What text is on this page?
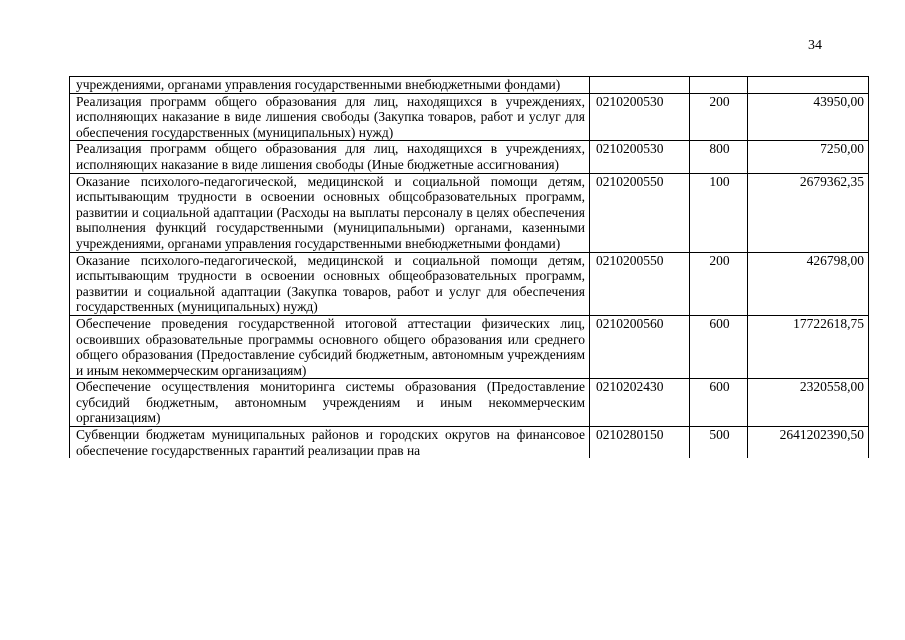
34
учреждениями, органами управления государственными внебюджетными фондами)			
Реализация программ общего образования для лиц, находящихся в учреждениях, исполняющих наказание в виде лишения свободы (Закупка товаров, работ и услуг для обеспечения государственных (муниципальных) нужд)	0210200530	200	43950,00
Реализация программ общего образования для лиц, находящихся в учреждениях, исполняющих наказание в виде лишения свободы (Иные бюджетные ассигнования)	0210200530	800	7250,00
Оказание психолого-педагогической, медицинской и социальной помощи детям, испытывающим трудности в освоении основных общсобразовательных программ, развитии и социальной адаптации (Расходы на выплаты персоналу в целях обеспечения выполнения функций государственными (муниципальными) органами, казенными учреждениями, органами управления государственными внебюджетными фондами)	0210200550	100	2679362,35
Оказание психолого-педагогической, медицинской и социальной помощи детям, испытывающим трудности в освоении основных общеобразовательных программ, развитии и социальной адаптации (Закупка товаров, работ и услуг для обеспечения государственных (муниципальных) нужд)	0210200550	200	426798,00
Обеспечение проведения государственной итоговой аттестации физических лиц, освоивших образовательные программы основного общего образования или среднего общего образования (Предоставление субсидий бюджетным, автономным учреждениям и иным некоммерческим организациям)	0210200560	600	17722618,75
Обеспечение осуществления мониторинга системы образования (Предоставление субсидий бюджетным, автономным учреждениям и иным некоммерческим организациям)	0210202430	600	2320558,00
Субвенции бюджетам муниципальных районов и городских округов на финансовое обеспечение государственных гарантий реализации прав на	0210280150	500	2641202390,50
